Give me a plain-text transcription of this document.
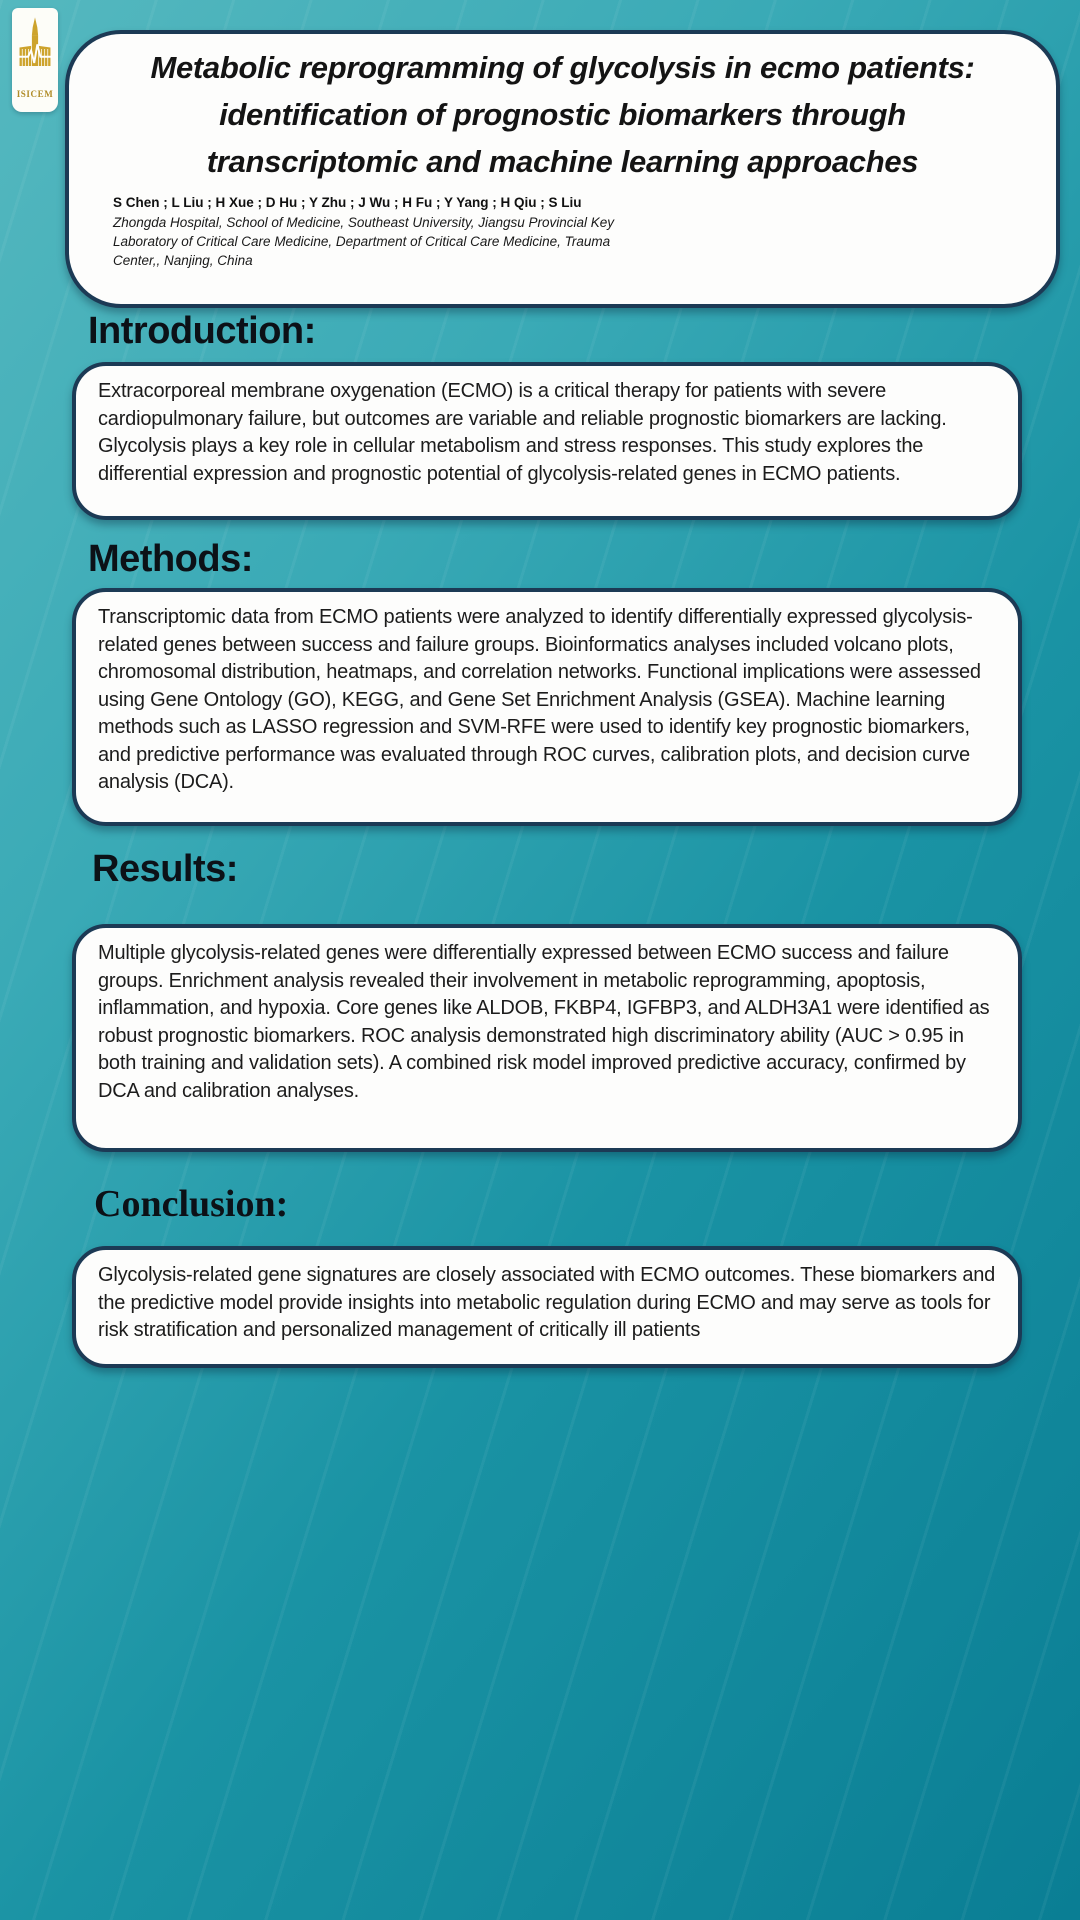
ISICEM
Metabolic reprogramming of glycolysis in ecmo patients: identification of prognostic biomarkers through transcriptomic and machine learning approaches
S Chen ; L Liu ; H Xue ; D Hu ; Y Zhu ; J Wu ; H Fu ; Y Yang ; H Qiu ; S Liu
Zhongda Hospital, School of Medicine, Southeast University, Jiangsu Provincial Key Laboratory of Critical Care Medicine, Department of Critical Care Medicine, Trauma Center,, Nanjing, China
Introduction:
Extracorporeal membrane oxygenation (ECMO) is a critical therapy for patients with severe cardiopulmonary failure, but outcomes are variable and reliable prognostic biomarkers are lacking. Glycolysis plays a key role in cellular metabolism and stress responses. This study explores the differential expression and prognostic potential of glycolysis-related genes in ECMO patients.
Methods:
Transcriptomic data from ECMO patients were analyzed to identify differentially expressed glycolysis-related genes between success and failure groups. Bioinformatics analyses included volcano plots, chromosomal distribution, heatmaps, and correlation networks. Functional implications were assessed using Gene Ontology (GO), KEGG, and Gene Set Enrichment Analysis (GSEA). Machine learning methods such as LASSO regression and SVM-RFE were used to identify key prognostic biomarkers, and predictive performance was evaluated through ROC curves, calibration plots, and decision curve analysis (DCA).
Results:
Multiple glycolysis-related genes were differentially expressed between ECMO success and failure groups. Enrichment analysis revealed their involvement in metabolic reprogramming, apoptosis, inflammation, and hypoxia. Core genes like ALDOB, FKBP4, IGFBP3, and ALDH3A1 were identified as robust prognostic biomarkers. ROC analysis demonstrated high discriminatory ability (AUC > 0.95 in both training and validation sets). A combined risk model improved predictive accuracy, confirmed by DCA and calibration analyses.
Conclusion:
Glycolysis-related gene signatures are closely associated with ECMO outcomes. These biomarkers and the predictive model provide insights into metabolic regulation during ECMO and may serve as tools for risk stratification and personalized management of critically ill patients
